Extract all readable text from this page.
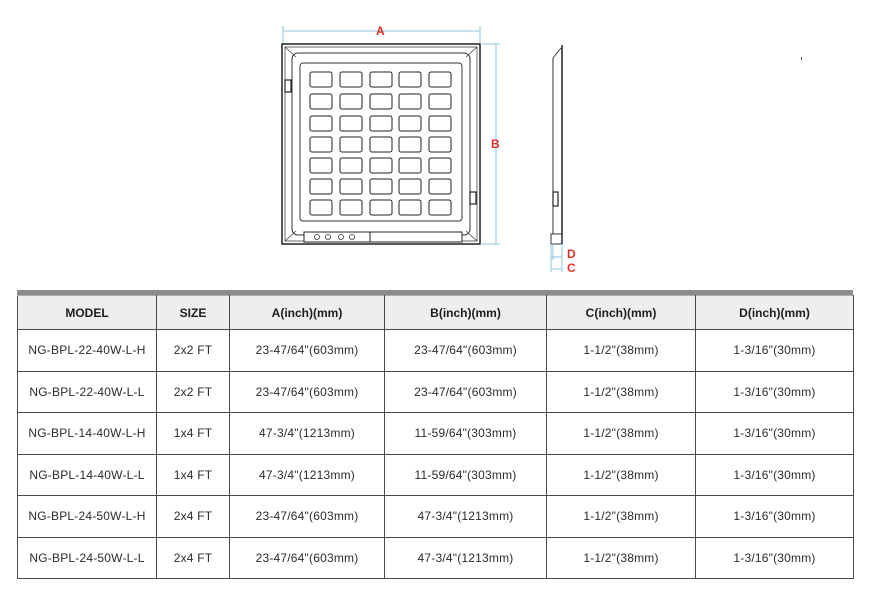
A
B
D
C
MODEL	SIZE	A(inch)(mm)	B(inch)(mm)	C(inch)(mm)	D(inch)(mm)
NG-BPL-22-40W-L-H	2x2 FT	23-47/64"(603mm)	23-47/64"(603mm)	1-1/2"(38mm)	1-3/16"(30mm)
NG-BPL-22-40W-L-L	2x2 FT	23-47/64"(603mm)	23-47/64"(603mm)	1-1/2"(38mm)	1-3/16"(30mm)
NG-BPL-14-40W-L-H	1x4 FT	47-3/4"(1213mm)	11-59/64"(303mm)	1-1/2"(38mm)	1-3/16"(30mm)
NG-BPL-14-40W-L-L	1x4 FT	47-3/4"(1213mm)	11-59/64"(303mm)	1-1/2"(38mm)	1-3/16"(30mm)
NG-BPL-24-50W-L-H	2x4 FT	23-47/64"(603mm)	47-3/4"(1213mm)	1-1/2"(38mm)	1-3/16"(30mm)
NG-BPL-24-50W-L-L	2x4 FT	23-47/64"(603mm)	47-3/4"(1213mm)	1-1/2"(38mm)	1-3/16"(30mm)
